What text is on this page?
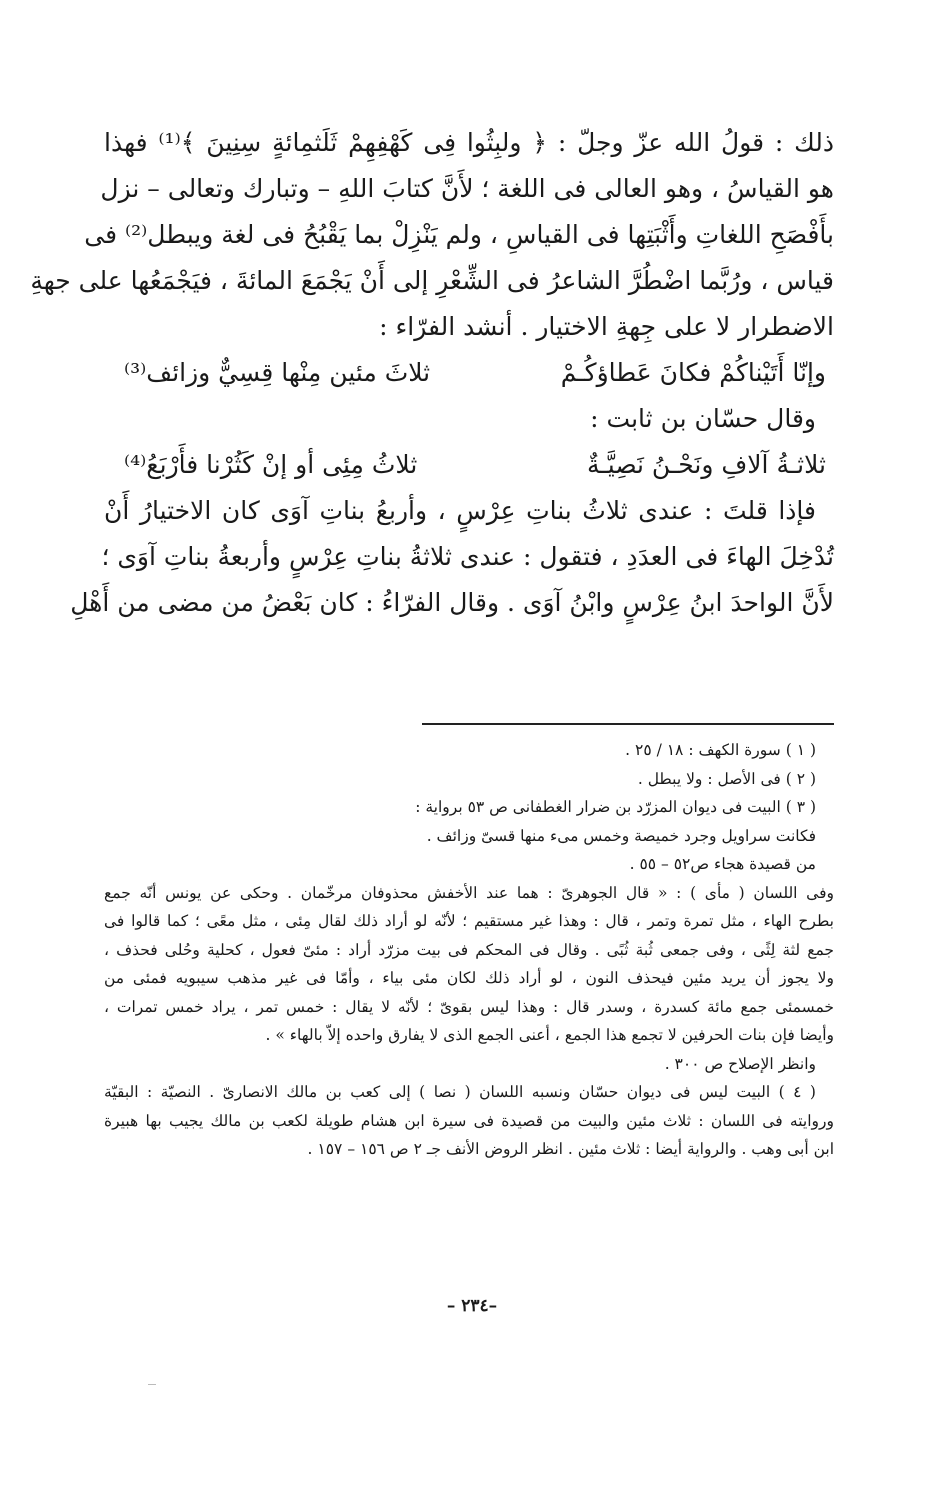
ذلك : قولُ الله عزّ وجلّ : ﴿ ولبِثُوا فِى كَهْفِهِمْ ثَلَثمِائةٍ سِنِينَ ﴾⁽¹⁾ فهذا
هو القياسُ ، وهو العالى فى اللغة ؛ لأَنَّ كتابَ اللهِ – وتبارك وتعالى – نزل
بأَفْصَحِ اللغاتِ وأَثْبَتِها فى القياسِ ، ولم يَنْزِلْ بما يَقْبُحُ فى لغة ويبطل⁽²⁾ فى
قياس ، ورُبَّما اضْطُرَّ الشاعرُ فى الشِّعْرِ إلى أَنْ يَجْمَعَ المائةَ ، فيَجْمَعُها على جهةِ
الاضطرار لا على جِهةِ الاختيار . أنشد الفرّاء :
وإنّا أَتَيْناكُمْ فكانَ عَطاؤكُـمْ
ثلاثَ مئين مِنْها قِسِيٌّ وزائف⁽³⁾
وقال حسّان بن ثابت :
ثلاثـةُ آلافِ ونَحْـنُ نَصِيَّـةٌ
ثلاثُ مِئِى أو إنْ كَثُرْنا فأَرْبَعُ⁽⁴⁾
فإذا قلتَ : عندى ثلاثُ بناتِ عِرْسٍ ، وأربعُ بناتِ آوَى كان الاختيارُ أَنْ
تُدْخِلَ الهاءَ فى العدَدِ ، فتقول : عندى ثلاثةُ بناتِ عِرْسٍ وأربعةُ بناتِ آوَى ؛
لأَنَّ الواحدَ ابنُ عِرْسٍ وابْنُ آوَى . وقال الفرّاءُ : كان بَعْضُ من مضى من أَهْلِ
( ١ ) سورة الكهف : ١٨ / ٢٥ .
( ٢ ) فى الأصل : ولا يبطل .
( ٣ ) البيت فى ديوان المزرّد بن ضرار الغطفانى ص ٥٣ برواية :
فكانت سراويل وجرد خميصة وخمس مىء منها قسىّ وزائف .
من قصيدة هجاء ص٥٢ – ٥٥ .
وفى اللسان ( مأى ) : « قال الجوهرىّ : هما عند الأخفش محذوفان مرخّمان . وحكى عن يونس أنّه جمع
بطرح الهاء ، مثل تمرة وتمر ، قال : وهذا غير مستقيم ؛ لأنّه لو أراد ذلك لقال مِئى ، مثل معًى ؛ كما قالوا فى
جمع لثة لِثًى ، وفى جمعى ثُبة ثُبًى . وقال فى المحكم فى بيت مزرّد أراد : مئىّ فعول ، كحلية وحُلى فحذف ،
ولا يجوز أن يريد مئين فيحذف النون ، لو أراد ذلك لكان مئى بياء ، وأمّا فى غير مذهب سيبويه فمئى من
خمسمئى جمع مائة كسدرة ، وسدر قال : وهذا ليس بقوىّ ؛ لأنّه لا يقال : خمس تمر ، يراد خمس تمرات ،
وأيضا فإن بنات الحرفين لا تجمع هذا الجمع ، أعنى الجمع الذى لا يفارق واحده إلاّ بالهاء » .
وانظر الإصلاح ص ٣٠٠ .
( ٤ ) البيت ليس فى ديوان حسّان ونسبه اللسان ( نصا ) إلى كعب بن مالك الانصارىّ . النصيّة : البقيّة
وروايته فى اللسان : ثلاث مئين والبيت من قصيدة فى سيرة ابن هشام طويلة لكعب بن مالك يجيب بها هبيرة
ابن أبى وهب . والرواية أيضا : ثلاث مئين . انظر الروض الأنف جـ ٢ ص ١٥٦ – ١٥٧ .
–٢٣٤ –
